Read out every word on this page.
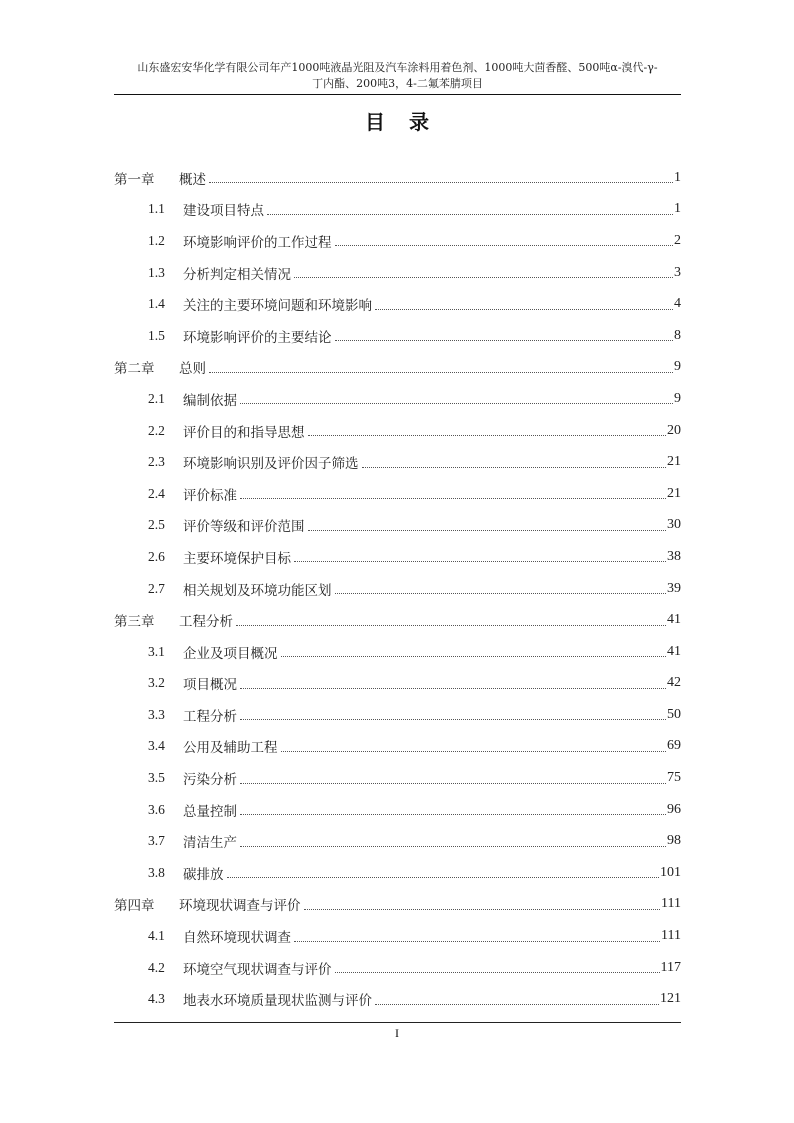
山东盛宏安华化学有限公司年产1000吨液晶光阻及汽车涂料用着色剂、1000吨大茴香醛、500吨α-溴代-γ-
丁内酯、200吨3，4-二氟苯腈项目
目 录
第一章	概述	1
1.1	建设项目特点	1
1.2	环境影响评价的工作过程	2
1.3	分析判定相关情况	3
1.4	关注的主要环境问题和环境影响	4
1.5	环境影响评价的主要结论	8
第二章	总则	9
2.1	编制依据	9
2.2	评价目的和指导思想	20
2.3	环境影响识别及评价因子筛选	21
2.4	评价标准	21
2.5	评价等级和评价范围	30
2.6	主要环境保护目标	38
2.7	相关规划及环境功能区划	39
第三章	工程分析	41
3.1	企业及项目概况	41
3.2	项目概况	42
3.3	工程分析	50
3.4	公用及辅助工程	69
3.5	污染分析	75
3.6	总量控制	96
3.7	清洁生产	98
3.8	碳排放	101
第四章	环境现状调查与评价	111
4.1	自然环境现状调查	111
4.2	环境空气现状调查与评价	117
4.3	地表水环境质量现状监测与评价	121
I
